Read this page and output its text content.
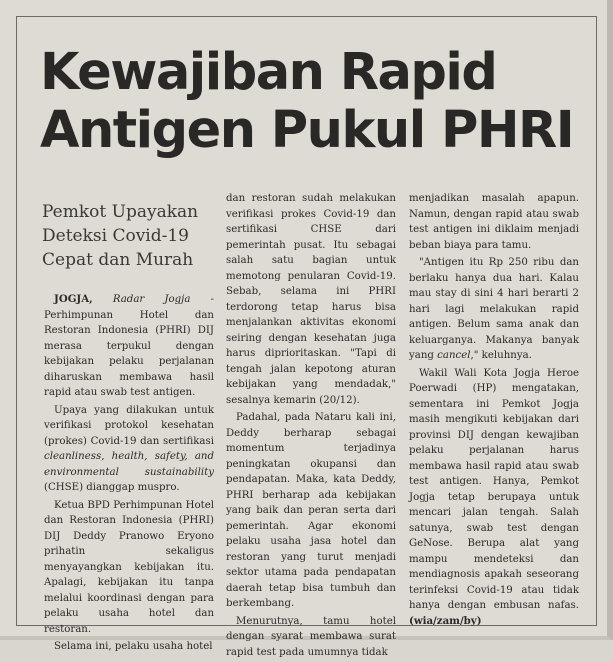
Kewajiban Rapid
Antigen Pukul PHRI
Pemkot Upayakan Deteksi Covid-19 Cepat dan Murah

JOGJA, Radar Jogja - Perhimpunan Hotel dan Restoran Indonesia (PHRI) DIJ merasa terpukul dengan kebijakan pelaku perjalanan diharuskan membawa hasil rapid atau swab test antigen.

Upaya yang dilakukan untuk verifikasi protokol kesehatan (prokes) Covid-19 dan sertifikasi cleanliness, health, safety, and environmental sustainability (CHSE) dianggap muspro.

Ketua BPD Perhimpunan Hotel dan Restoran Indonesia (PHRI) DIJ Deddy Pranowo Eryono prihatin sekaligus menyayangkan kebijakan itu. Apalagi, kebijakan itu tanpa melalui koordinasi dengan para pelaku usaha hotel dan restoran.

Selama ini, pelaku usaha hotel

dan restoran sudah melakukan verifikasi prokes Covid-19 dan sertifikasi CHSE dari pemerintah pusat. Itu sebagai salah satu bagian untuk memotong penularan Covid-19. Sebab, selama ini PHRI terdorong tetap harus bisa menjalankan aktivitas ekonomi seiring dengan kesehatan juga harus diprioritaskan. "Tapi di tengah jalan kepotong aturan kebijakan yang mendadak," sesalnya kemarin (20/12).

Padahal, pada Nataru kali ini, Deddy berharap sebagai momentum terjadinya peningkatan okupansi dan pendapatan. Maka, kata Deddy, PHRI berharap ada kebijakan yang baik dan peran serta dari pemerintah. Agar ekonomi pelaku usaha jasa hotel dan restoran yang turut menjadi sektor utama pada pendapatan daerah tetap bisa tumbuh dan berkembang.

Menurutnya, tamu hotel dengan syarat membawa surat rapid test pada umumnya tidak

menjadikan masalah apapun. Namun, dengan rapid atau swab test antigen ini diklaim menjadi beban biaya para tamu.

"Antigen itu Rp 250 ribu dan berlaku hanya dua hari. Kalau mau stay di sini 4 hari berarti 2 hari lagi melakukan rapid antigen. Belum sama anak dan keluarganya. Makanya banyak yang cancel," keluhnya.

Wakil Wali Kota Jogja Heroe Poerwadi (HP) mengatakan, sementara ini Pemkot Jogja masih mengikuti kebijakan dari provinsi DIJ dengan kewajiban pelaku perjalanan harus membawa hasil rapid atau swab test antigen. Hanya, Pemkot Jogja tetap berupaya untuk mencari jalan tengah. Salah satunya, swab test dengan GeNose. Berupa alat yang mampu mendeteksi dan mendiagnosis apakah seseorang terinfeksi Covid-19 atau tidak hanya dengan embusan nafas. (wia/zam/by)
